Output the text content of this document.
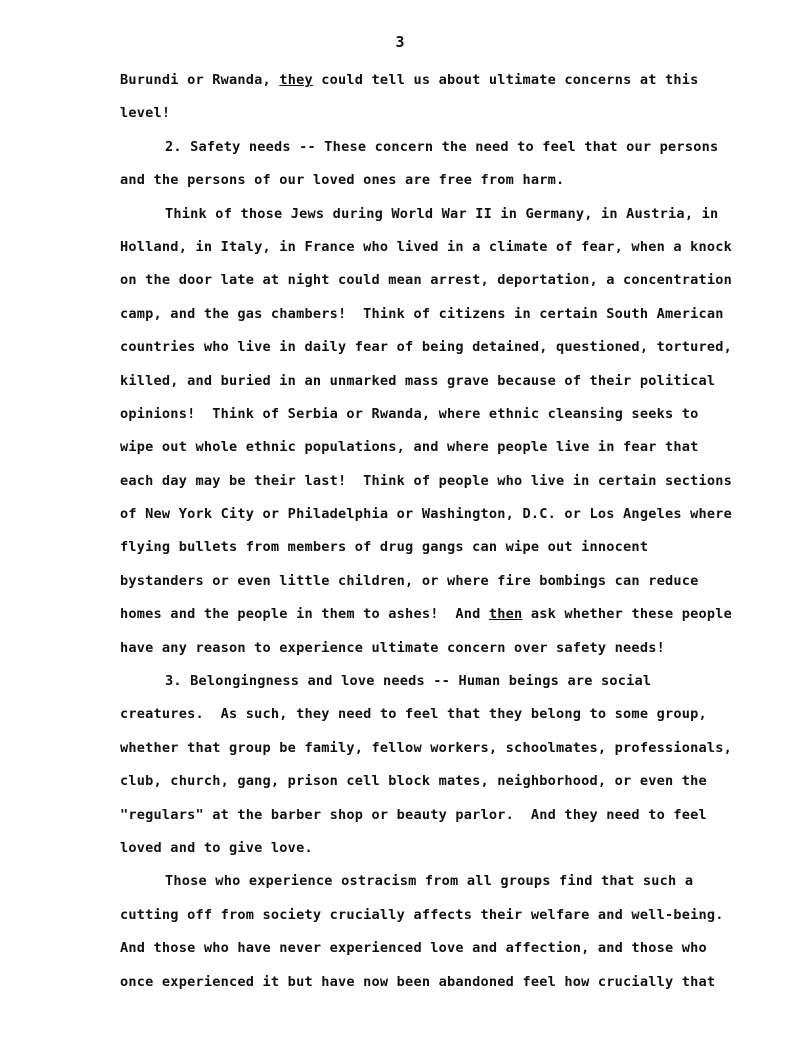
3
Burundi or Rwanda, they could tell us about ultimate concerns at this
level!
2. Safety needs -- These concern the need to feel that our persons
and the persons of our loved ones are free from harm.
Think of those Jews during World War II in Germany, in Austria, in
Holland, in Italy, in France who lived in a climate of fear, when a knock
on the door late at night could mean arrest, deportation, a concentration
camp, and the gas chambers!  Think of citizens in certain South American
countries who live in daily fear of being detained, questioned, tortured,
killed, and buried in an unmarked mass grave because of their political
opinions!  Think of Serbia or Rwanda, where ethnic cleansing seeks to
wipe out whole ethnic populations, and where people live in fear that
each day may be their last!  Think of people who live in certain sections
of New York City or Philadelphia or Washington, D.C. or Los Angeles where
flying bullets from members of drug gangs can wipe out innocent
bystanders or even little children, or where fire bombings can reduce
homes and the people in them to ashes!  And then ask whether these people
have any reason to experience ultimate concern over safety needs!
3. Belongingness and love needs -- Human beings are social
creatures.  As such, they need to feel that they belong to some group,
whether that group be family, fellow workers, schoolmates, professionals,
club, church, gang, prison cell block mates, neighborhood, or even the
"regulars" at the barber shop or beauty parlor.  And they need to feel
loved and to give love.
Those who experience ostracism from all groups find that such a
cutting off from society crucially affects their welfare and well-being.
And those who have never experienced love and affection, and those who
once experienced it but have now been abandoned feel how crucially that
